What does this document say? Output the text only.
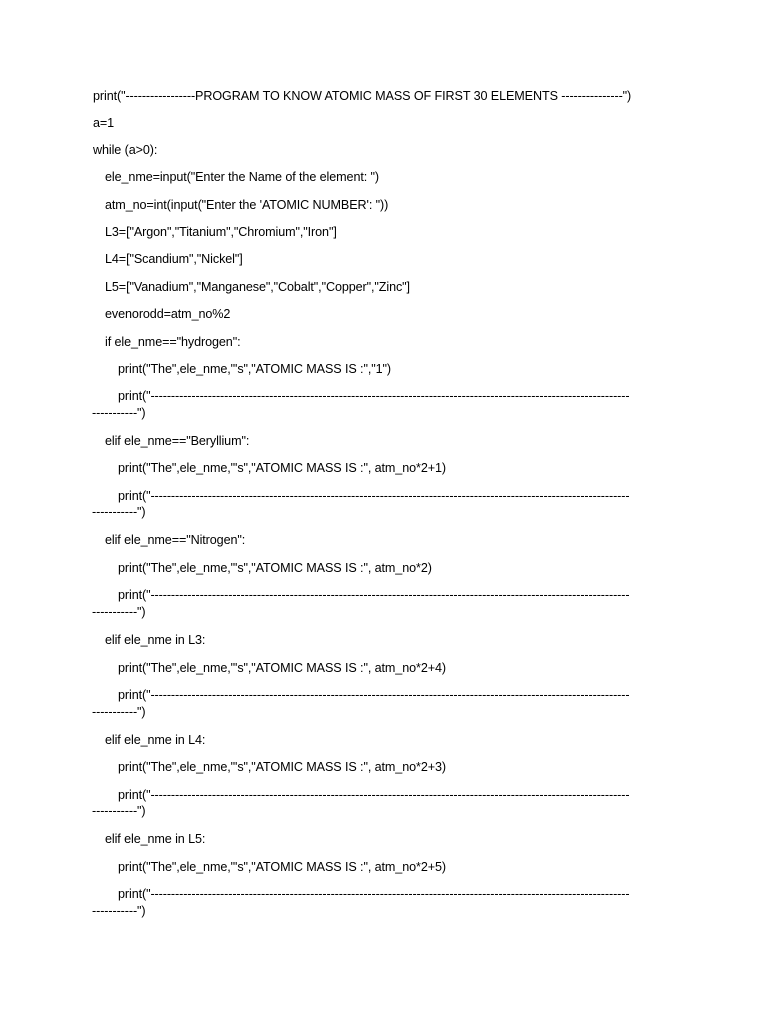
print("-----------------PROGRAM TO KNOW ATOMIC MASS OF FIRST 30 ELEMENTS ---------------")
a=1
while (a>0):
ele_nme=input("Enter the Name of the element: ")
atm_no=int(input("Enter the 'ATOMIC NUMBER': "))
L3=["Argon","Titanium","Chromium","Iron"]
L4=["Scandium","Nickel"]
L5=["Vanadium","Manganese","Cobalt","Copper","Zinc"]
evenorodd=atm_no%2
if ele_nme=="hydrogen":
print("The",ele_nme,"'s","ATOMIC MASS IS :","1")
print("---------------------------------------------------------------------------------------------------------------------
-----------")
elif ele_nme=="Beryllium":
print("The",ele_nme,"'s","ATOMIC MASS IS :", atm_no*2+1)
print("---------------------------------------------------------------------------------------------------------------------
-----------")
elif ele_nme=="Nitrogen":
print("The",ele_nme,"'s","ATOMIC MASS IS :", atm_no*2)
print("---------------------------------------------------------------------------------------------------------------------
-----------")
elif ele_nme in L3:
print("The",ele_nme,"'s","ATOMIC MASS IS :", atm_no*2+4)
print("---------------------------------------------------------------------------------------------------------------------
-----------")
elif ele_nme in L4:
print("The",ele_nme,"'s","ATOMIC MASS IS :", atm_no*2+3)
print("---------------------------------------------------------------------------------------------------------------------
-----------")
elif ele_nme in L5:
print("The",ele_nme,"'s","ATOMIC MASS IS :", atm_no*2+5)
print("---------------------------------------------------------------------------------------------------------------------
-----------")
